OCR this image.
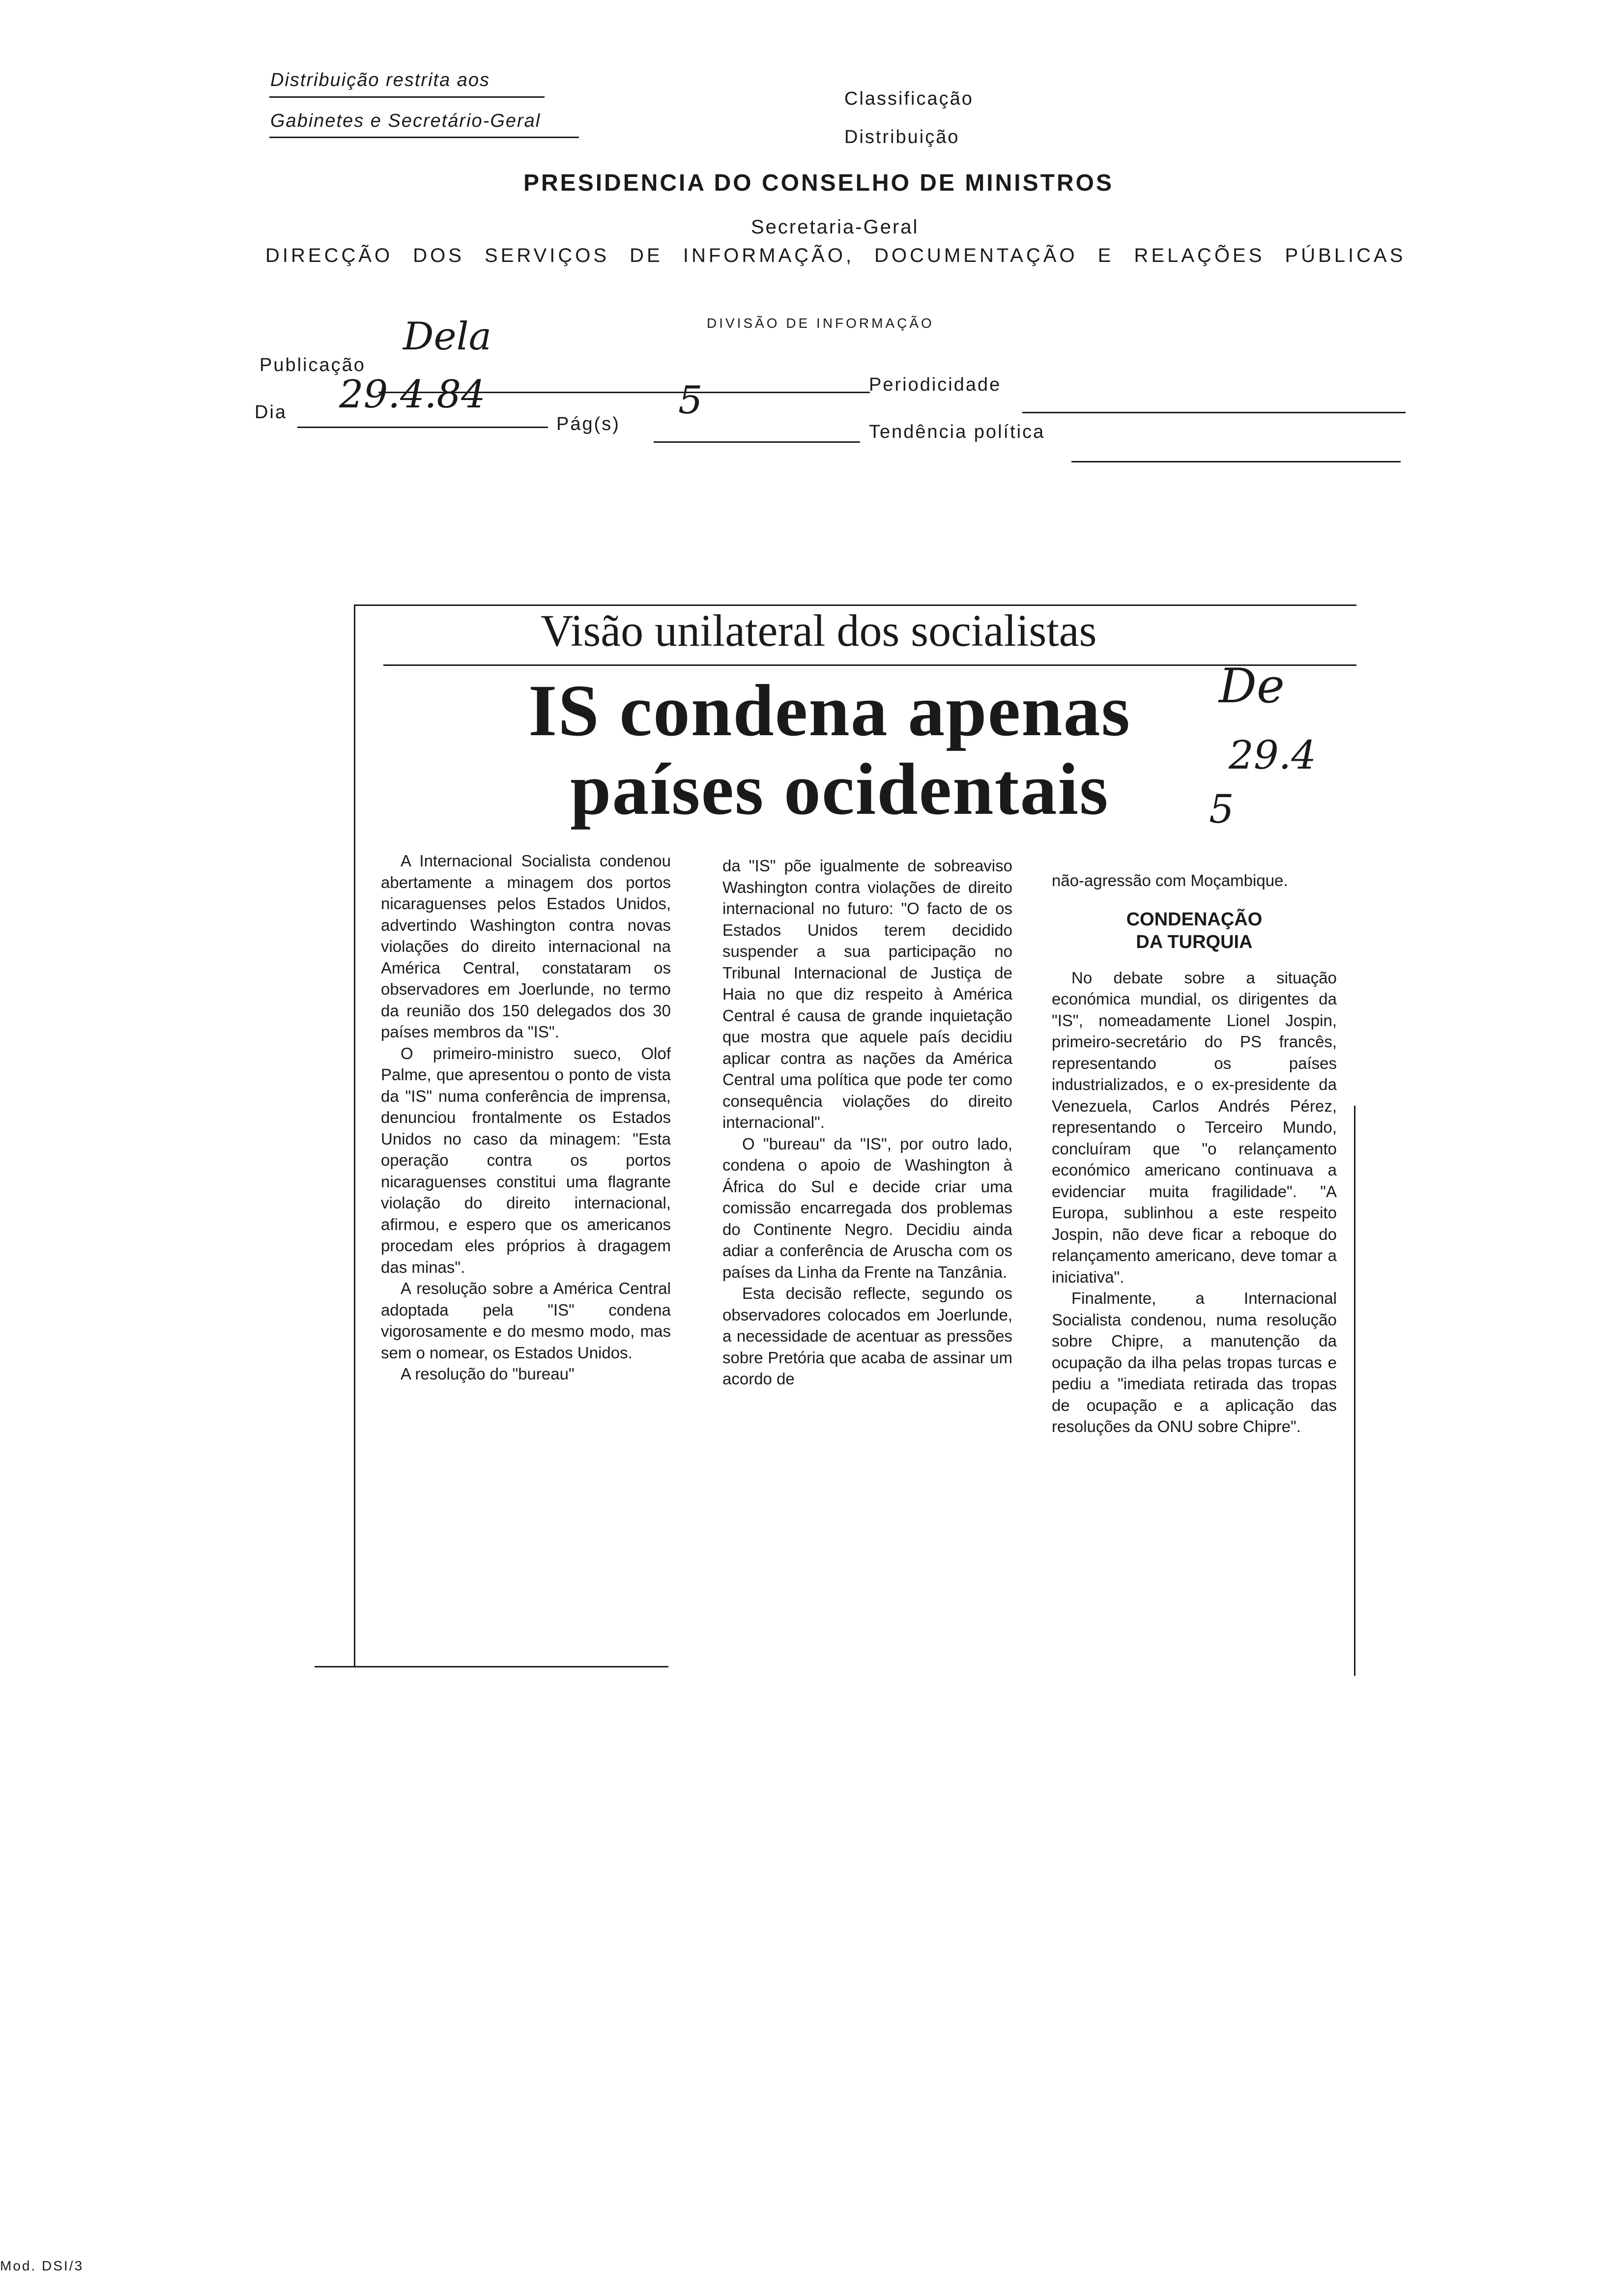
Distribuição restrita aos
Gabinetes e Secretário-Geral
Classificação
Distribuição
PRESIDENCIA DO CONSELHO DE MINISTROS
Secretaria-Geral
DIRECÇÃO DOS SERVIÇOS DE INFORMAÇÃO, DOCUMENTAÇÃO E RELAÇÕES PÚBLICAS
DIVISÃO DE INFORMAÇÃO
Publicação
Dela
Periodicidade
Dia 29.4.84
Pág(s)
5
Tendência política
Visão unilateral dos socialistas
IS condena apenas
países ocidentais
De
29.4
5

A Internacional Socialista condenou abertamente a minagem dos portos nicaraguenses pelos Estados Unidos, advertindo Washington contra novas violações do direito internacional na América Central, constataram os observadores em Joerlunde, no termo da reunião dos 150 delegados dos 30 países membros da "IS".

O primeiro-ministro sueco, Olof Palme, que apresentou o ponto de vista da "IS" numa conferência de imprensa, denunciou frontalmente os Estados Unidos no caso da minagem: "Esta operação contra os portos nicaraguenses constitui uma flagrante violação do direito internacional, afirmou, e espero que os americanos procedam eles próprios à dragagem das minas".

A resolução sobre a América Central adoptada pela "IS" condena vigorosamente e do mesmo modo, mas sem o nomear, os Estados Unidos.

A resolução do "bureau"

da "IS" põe igualmente de sobreaviso Washington contra violações de direito internacional no futuro: "O facto de os Estados Unidos terem decidido suspender a sua participação no Tribunal Internacional de Justiça de Haia no que diz respeito à América Central é causa de grande inquietação que mostra que aquele país decidiu aplicar contra as nações da América Central uma política que pode ter como consequência violações do direito internacional".

O "bureau" da "IS", por outro lado, condena o apoio de Washington à África do Sul e decide criar uma comissão encarregada dos problemas do Continente Negro. Decidiu ainda adiar a conferência de Aruscha com os países da Linha da Frente na Tanzânia.

Esta decisão reflecte, segundo os observadores colocados em Joerlunde, a necessidade de acentuar as pressões sobre Pretória que acaba de assinar um acordo de

não-agressão com Moçambique.

CONDENAÇÃO
DA TURQUIA

No debate sobre a situação económica mundial, os dirigentes da "IS", nomeadamente Lionel Jospin, primeiro-secretário do PS francês, representando os países industrializados, e o ex-presidente da Venezuela, Carlos Andrés Pérez, representando o Terceiro Mundo, concluíram que "o relançamento económico americano continuava a evidenciar muita fragilidade". "A Europa, sublinhou a este respeito Jospin, não deve ficar a reboque do relançamento americano, deve tomar a iniciativa".

Finalmente, a Internacional Socialista condenou, numa resolução sobre Chipre, a manutenção da ocupação da ilha pelas tropas turcas e pediu a "imediata retirada das tropas de ocupação e a aplicação das resoluções da ONU sobre Chipre".

Mod. DSI/3
